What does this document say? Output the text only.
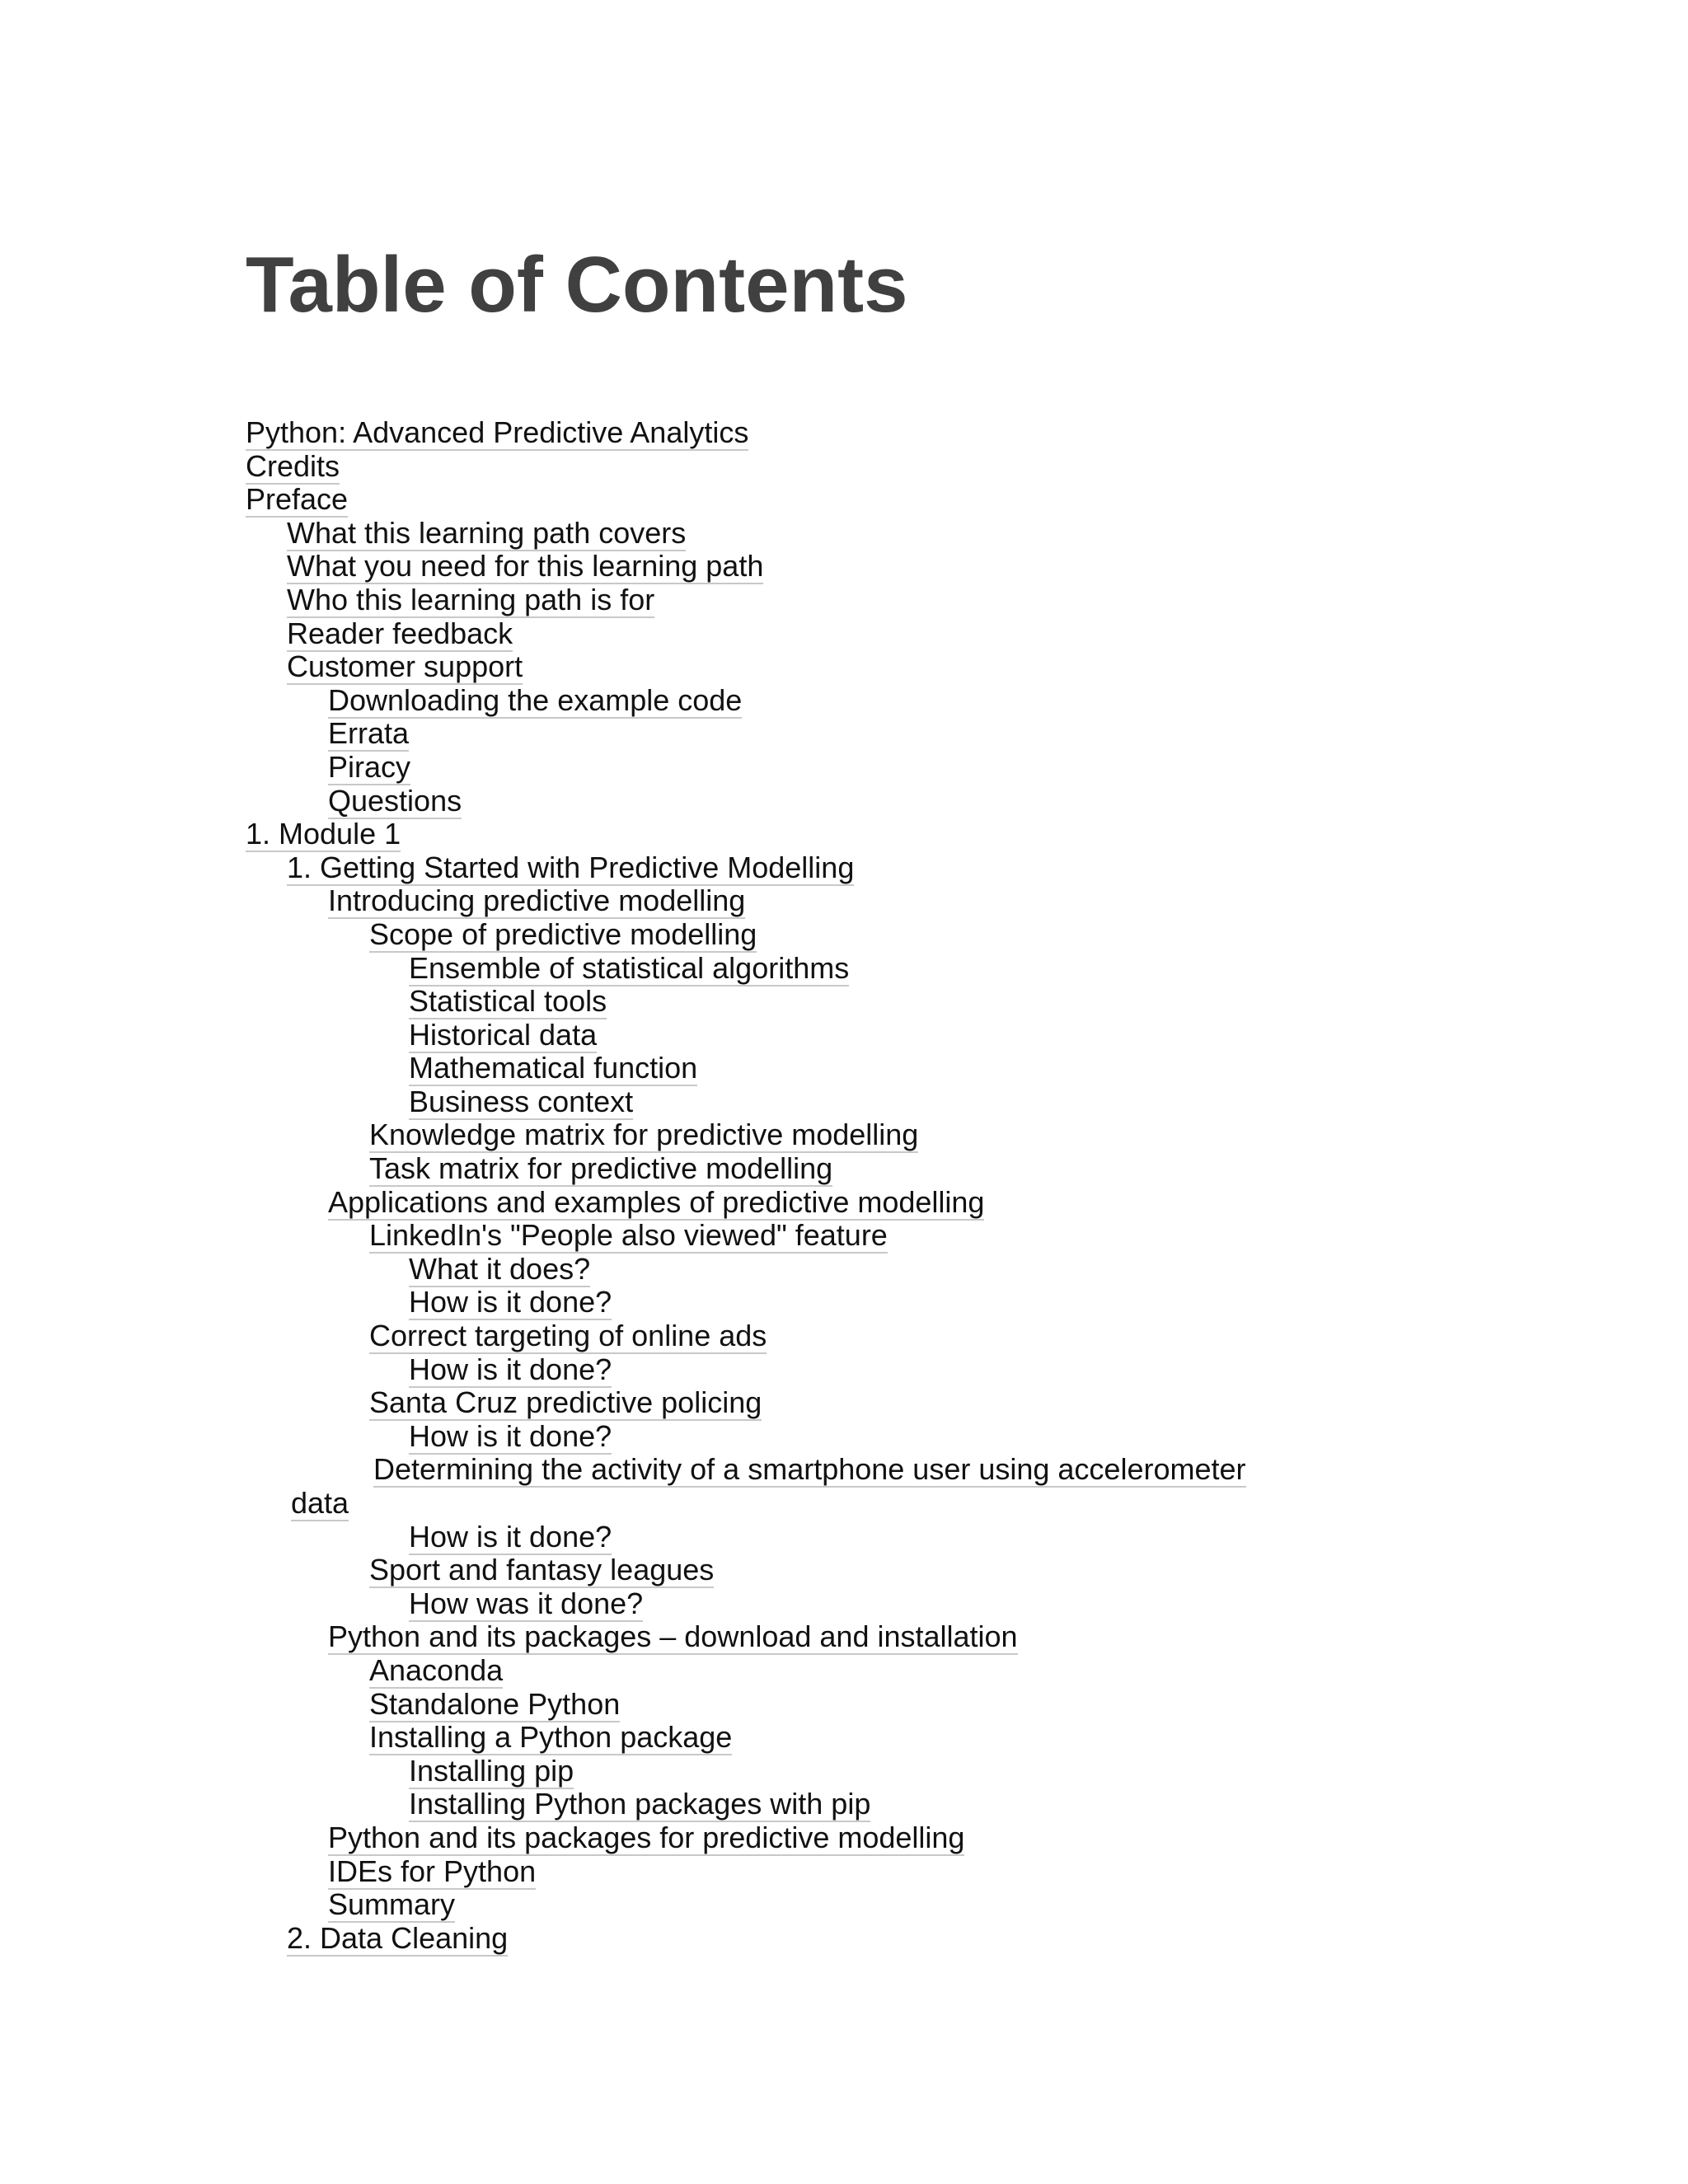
Table of Contents
Python: Advanced Predictive Analytics
Credits
Preface
What this learning path covers
What you need for this learning path
Who this learning path is for
Reader feedback
Customer support
Downloading the example code
Errata
Piracy
Questions
1. Module 1
1. Getting Started with Predictive Modelling
Introducing predictive modelling
Scope of predictive modelling
Ensemble of statistical algorithms
Statistical tools
Historical data
Mathematical function
Business context
Knowledge matrix for predictive modelling
Task matrix for predictive modelling
Applications and examples of predictive modelling
LinkedIn's "People also viewed" feature
What it does?
How is it done?
Correct targeting of online ads
How is it done?
Santa Cruz predictive policing
How is it done?
Determining the activity of a smartphone user using accelerometer data
How is it done?
Sport and fantasy leagues
How was it done?
Python and its packages – download and installation
Anaconda
Standalone Python
Installing a Python package
Installing pip
Installing Python packages with pip
Python and its packages for predictive modelling
IDEs for Python
Summary
2. Data Cleaning
